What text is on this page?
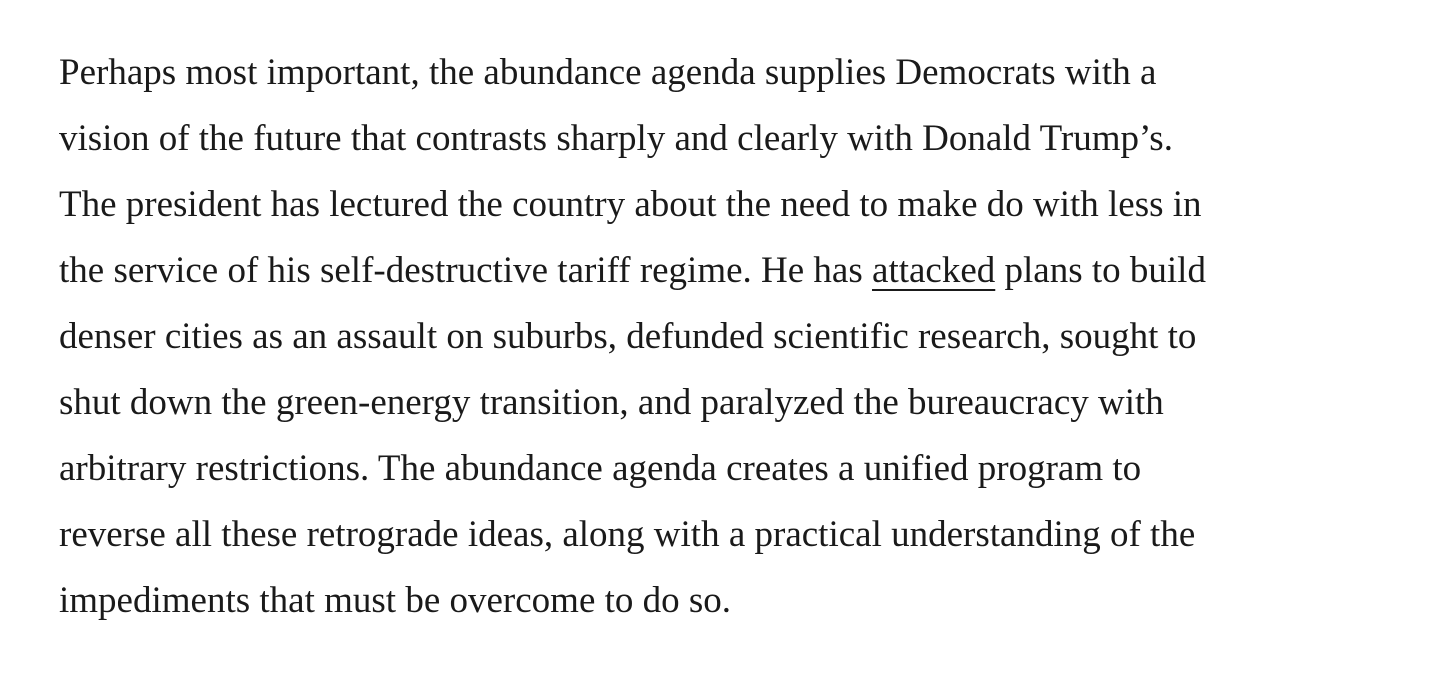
Perhaps most important, the abundance agenda supplies Democrats with a
vision of the future that contrasts sharply and clearly with Donald Trump’s.
The president has lectured the country about the need to make do with less in
the service of his self-destructive tariff regime. He has attacked plans to build
denser cities as an assault on suburbs, defunded scientific research, sought to
shut down the green-energy transition, and paralyzed the bureaucracy with
arbitrary restrictions. The abundance agenda creates a unified program to
reverse all these retrograde ideas, along with a practical understanding of the
impediments that must be overcome to do so.
